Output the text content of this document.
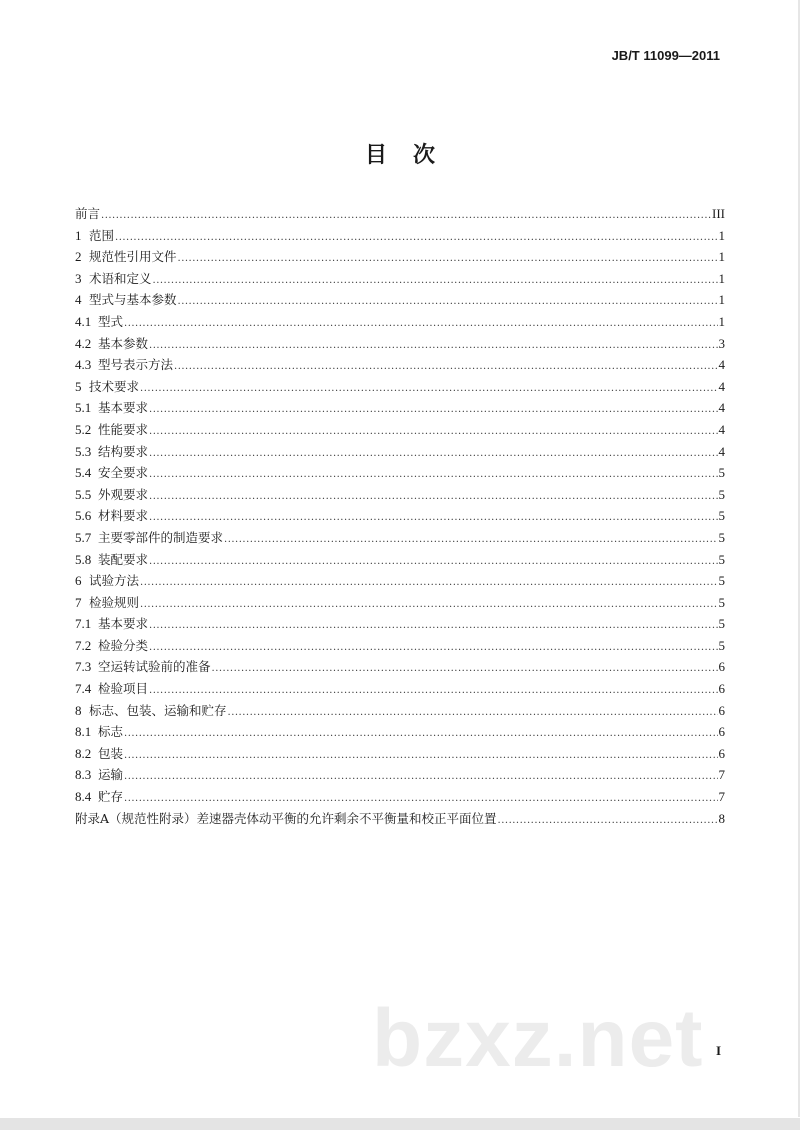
JB/T 11099—2011
目次
前言 .....	III
1 范围 .....	1
2 规范性引用文件 .....	1
3 术语和定义 .....	1
4 型式与基本参数 .....	1
4.1 型式 .....	1
4.2 基本参数 .....	3
4.3 型号表示方法 .....	4
5 技术要求 .....	4
5.1 基本要求 .....	4
5.2 性能要求 .....	4
5.3 结构要求 .....	4
5.4 安全要求 .....	5
5.5 外观要求 .....	5
5.6 材料要求 .....	5
5.7 主要零部件的制造要求 .....	5
5.8 装配要求 .....	5
6 试验方法 .....	5
7 检验规则 .....	5
7.1 基本要求 .....	5
7.2 检验分类 .....	5
7.3 空运转试验前的准备 .....	6
7.4 检验项目 .....	6
8 标志、包装、运输和贮存 .....	6
8.1 标志 .....	6
8.2 包装 .....	6
8.3 运输 .....	7
8.4 贮存 .....	7
附录A（规范性附录）差速器壳体动平衡的允许剩余不平衡量和校正平面位置 .....	8
bzxz.net I
